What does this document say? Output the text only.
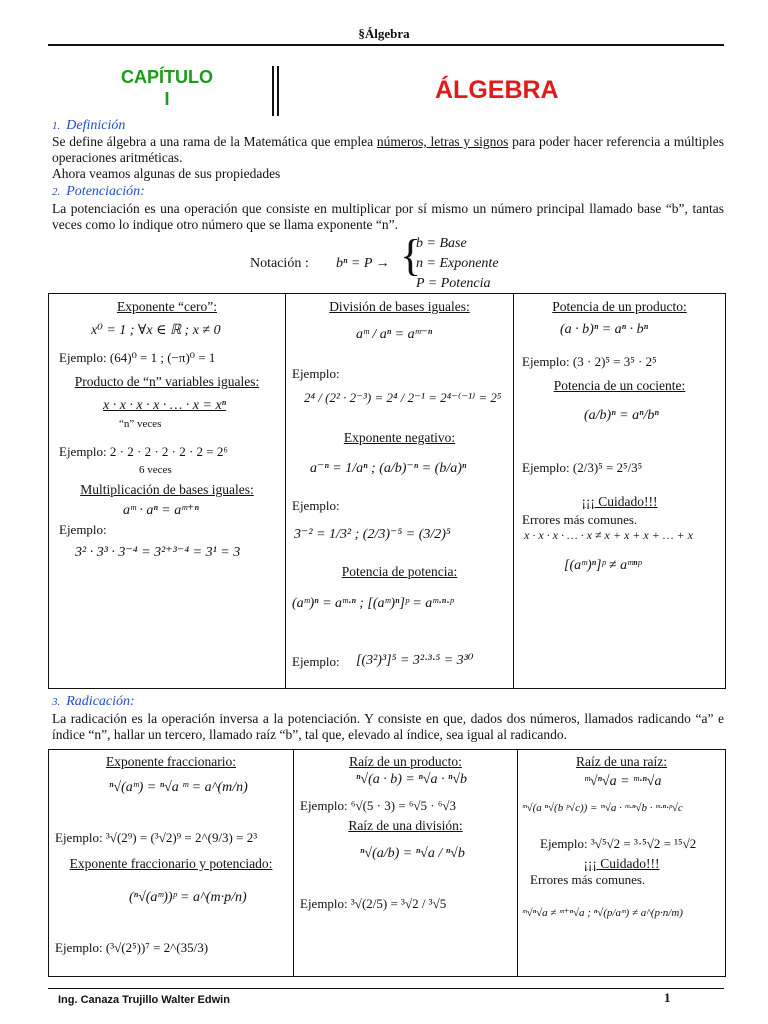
§Álgebra
CAPÍTULO
I	ÁLGEBRA
1. Definición
Se define álgebra a una rama de la Matemática que emplea números, letras y signos para poder hacer referencia a múltiples operaciones aritméticas.
Ahora veamos algunas de sus propiedades
2. Potenciación:
La potenciación es una operación que consiste en multiplicar por sí mismo un número principal llamado base “b”, tantas veces como lo indique otro número que se llama exponente “n”.
Notación : bⁿ = P → {
b = Base
n = Exponente
P = Potencia
Exponente “cero”:
x⁰ = 1 ; ∀x ∈ ℝ ; x ≠ 0
Ejemplo: (64)⁰ = 1 ; (−π)⁰ = 1
Producto de “n” variables iguales:
x · x · x · x · … · x = xⁿ
“n” veces
Ejemplo: 2 · 2 · 2 · 2 · 2 · 2 = 2⁶
6 veces
Multiplicación de bases iguales:
aᵐ · aⁿ = aᵐ⁺ⁿ
Ejemplo:
3² · 3³ · 3⁻⁴ = 3²⁺³⁻⁴ = 3¹ = 3
División de bases iguales:
aᵐ / aⁿ = aᵐ⁻ⁿ
Ejemplo:
2⁴ / (2² · 2⁻³) = 2⁴ / 2⁻¹ = 2⁴⁻⁽⁻¹⁾ = 2⁵
Exponente negativo:
a⁻ⁿ = 1/aⁿ ; (a/b)⁻ⁿ = (b/a)ⁿ
Ejemplo:
3⁻² = 1/3² ; (2/3)⁻⁵ = (3/2)⁵
Potencia de potencia:
(aᵐ)ⁿ = aᵐ·ⁿ ; [(aᵐ)ⁿ]ᵖ = aᵐ·ⁿ·ᵖ
Ejemplo: [(3²)³]⁵ = 3²·³·⁵ = 3³⁰
Potencia de un producto:
(a · b)ⁿ = aⁿ · bⁿ
Ejemplo: (3 · 2)⁵ = 3⁵ · 2⁵
Potencia de un cociente:
(a/b)ⁿ = aⁿ/bⁿ
Ejemplo: (2/3)⁵ = 2⁵/3⁵
¡¡¡ Cuidado!!!
Errores más comunes.
x · x · x · … · x ≠ x + x + x + … + x
[(aᵐ)ⁿ]ᵖ ≠ aᵐⁿᵖ
3. Radicación:
La radicación es la operación inversa a la potenciación. Y consiste en que, dados dos números, llamados radicando “a” e índice “n”, hallar un tercero, llamado raíz “b”, tal que, elevado al índice, sea igual al radicando.
Exponente fraccionario:
ⁿ√(aᵐ) = ⁿ√a ᵐ = a^(m/n)
Ejemplo: ³√(2⁹) = (³√2)⁹ = 2^(9/3) = 2³
Exponente fraccionario y potenciado:
(ⁿ√(aᵐ))ᵖ = a^(m·p/n)
Ejemplo: (³√(2⁵))⁷ = 2^(35/3)
Raíz de un producto:
ⁿ√(a · b) = ⁿ√a · ⁿ√b
Ejemplo: ⁶√(5 · 3) = ⁶√5 · ⁶√3
Raíz de una división:
ⁿ√(a/b) = ⁿ√a / ⁿ√b
Ejemplo: ³√(2/5) = ³√2 / ³√5
Raíz de una raíz:
ᵐ√ⁿ√a = ᵐ·ⁿ√a
ᵐ√(a ⁿ√(b ᵖ√c)) = ᵐ√a · ᵐ·ⁿ√b · ᵐ·ⁿ·ᵖ√c
Ejemplo: ³√⁵√2 = ³·⁵√2 = ¹⁵√2
¡¡¡ Cuidado!!!
Errores más comunes.
ᵐ√ⁿ√a ≠ ᵐ⁺ⁿ√a ; ⁿ√(p/aᵐ) ≠ a^(p·n/m)
Ing. Canaza Trujillo Walter Edwin	1
